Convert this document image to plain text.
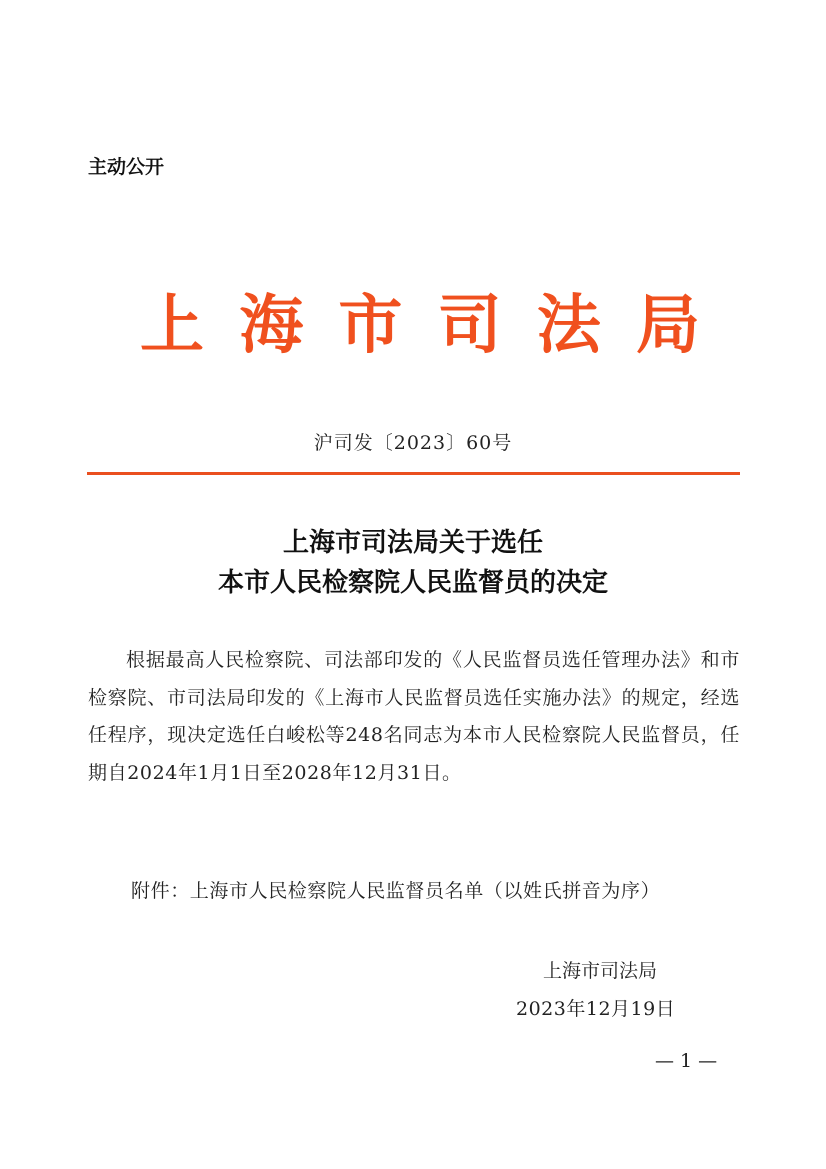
主动公开
上 海 市 司 法 局
沪司发〔2023〕60号
上海市司法局关于选任
本市人民检察院人民监督员的决定
根据最高人民检察院、司法部印发的《人民监督员选任管理办法》和市检察院、市司法局印发的《上海市人民监督员选任实施办法》的规定，经选任程序，现决定选任白峻松等248名同志为本市人民检察院人民监督员，任期自2024年1月1日至2028年12月31日。
附件：上海市人民检察院人民监督员名单（以姓氏拼音为序）
上海市司法局
2023年12月19日
— 1 —
